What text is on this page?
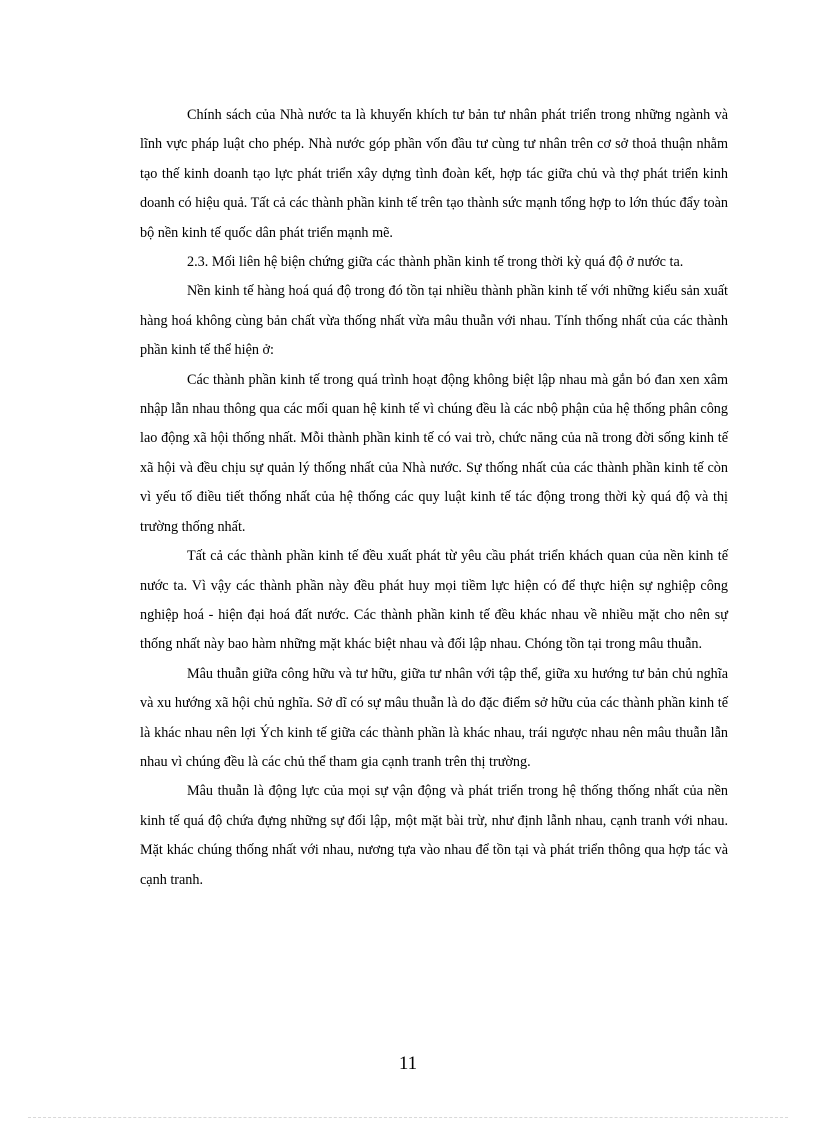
Chính sách của Nhà nước ta là khuyến khích tư bản tư nhân phát triển trong những ngành và lĩnh vực pháp luật cho phép. Nhà nước góp phần vốn đầu tư cùng tư nhân trên cơ sở thoả thuận nhằm tạo thế kinh doanh tạo lực phát triển xây dựng tình đoàn kết, hợp tác giữa chủ và thợ phát triển kinh doanh có hiệu quả. Tất cả các thành phần kinh tế trên tạo thành sức mạnh tổng hợp to lớn thúc đẩy toàn bộ nền kinh tế quốc dân phát triển mạnh mẽ.

2.3. Mối liên hệ biện chứng giữa các thành phần kinh tế trong thời kỳ quá độ ở nước ta.

Nền kinh tế hàng hoá quá độ trong đó tồn tại nhiều thành phần kinh tế với những kiểu sản xuất hàng hoá không cùng bản chất vừa thống nhất vừa mâu thuẫn với nhau. Tính thống nhất của các thành phần kinh tế thể hiện ở:

Các thành phần kinh tế trong quá trình hoạt động không biệt lập nhau mà gắn bó đan xen xâm nhập lẫn nhau thông qua các mối quan hệ kinh tế vì chúng đều là các nbộ phận của hệ thống phân công lao động xã hội thống nhất. Mỗi thành phần kinh tế có vai trò, chức năng của nã trong đời sống kinh tế xã hội và đều chịu sự quản lý thống nhất của Nhà nước. Sự thống nhất của các thành phần kinh tế còn vì yếu tố điều tiết thống nhất của hệ thống các quy luật kinh tế tác động trong thời kỳ quá độ và thị trường thống nhất.

Tất cả các thành phần kinh tế đều xuất phát từ yêu cầu phát triển khách quan của nền kinh tế nước ta. Vì vậy các thành phần này đều phát huy mọi tiềm lực hiện có để thực hiện sự nghiệp công nghiệp hoá - hiện đại hoá đất nước. Các thành phần kinh tế đều khác nhau về nhiều mặt cho nên sự thống nhất này bao hàm những mặt khác biệt nhau và đối lập nhau. Chóng tồn tại trong mâu thuẫn.

Mâu thuẫn giữa công hữu và tư hữu, giữa tư nhân với tập thể, giữa xu hướng tư bản chủ nghĩa và xu hướng xã hội chủ nghĩa. Sở dĩ có sự mâu thuẫn là do đặc điểm sở hữu của các thành phần kinh tế là khác nhau nên lợi Ých kinh tế giữa các thành phần là khác nhau, trái ngược nhau nên mâu thuẫn lẫn nhau vì chúng đều là các chủ thể tham gia cạnh tranh trên thị trường.

Mâu thuẫn là động lực của mọi sự vận động và phát triển trong hệ thống thống nhất của nền kinh tế quá độ chứa đựng những sự đối lập, một mặt bài trừ, như định lẫnh nhau, cạnh tranh với nhau. Mặt khác chúng thống nhất với nhau, nương tựa vào nhau để tồn tại và phát triển thông qua hợp tác và cạnh tranh.

11
